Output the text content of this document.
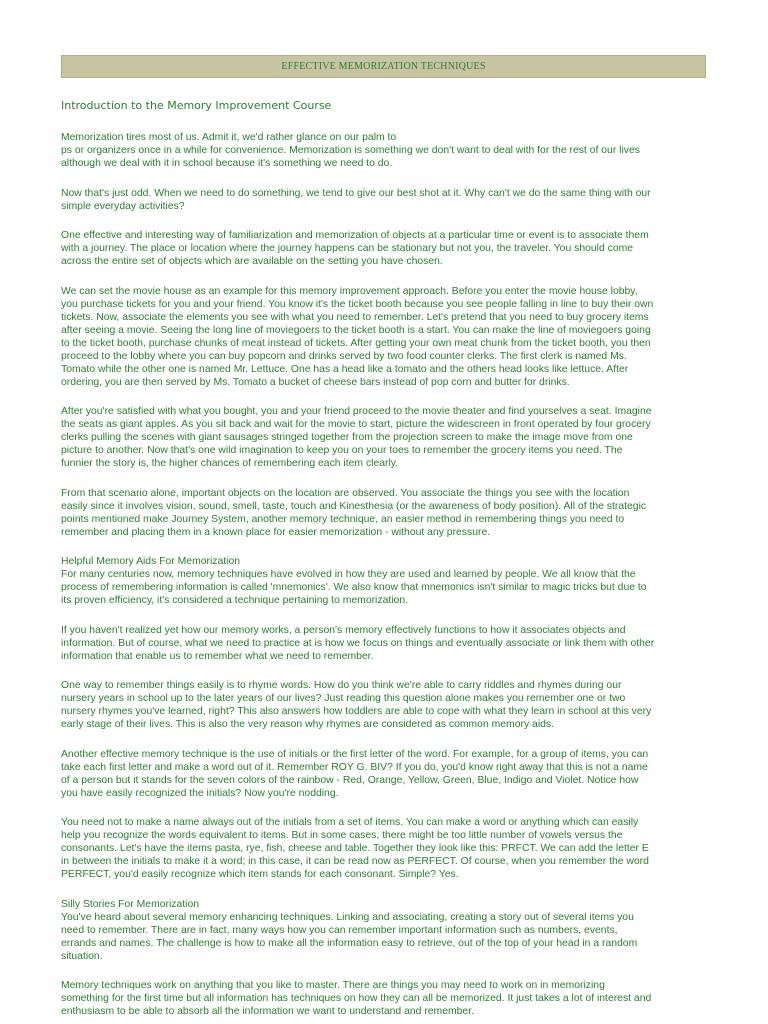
EFFECTIVE MEMORIZATION TECHNIQUES
Introduction to the Memory Improvement Course

Memorization tires most of us. Admit it, we'd rather glance on our palm to
ps or organizers once in a while for convenience. Memorization is something we don't want to deal with for the rest of our lives
although we deal with it in school because it's something we need to do.

Now that's just odd. When we need to do something, we tend to give our best shot at it. Why can't we do the same thing with our
simple everyday activities?

One effective and interesting way of familiarization and memorization of objects at a particular time or event is to associate them
with a journey. The place or location where the journey happens can be stationary but not you, the traveler. You should come
across the entire set of objects which are available on the setting you have chosen.

We can set the movie house as an example for this memory improvement approach. Before you enter the movie house lobby,
you purchase tickets for you and your friend. You know it's the ticket booth because you see people falling in line to buy their own
tickets. Now, associate the elements you see with what you need to remember. Let's pretend that you need to buy grocery items
after seeing a movie. Seeing the long line of moviegoers to the ticket booth is a start. You can make the line of moviegoers going
to the ticket booth, purchase chunks of meat instead of tickets. After getting your own meat chunk from the ticket booth, you then
proceed to the lobby where you can buy popcorn and drinks served by two food counter clerks. The first clerk is named Ms.
Tomato while the other one is named Mr. Lettuce. One has a head like a tomato and the others head looks like lettuce. After
ordering, you are then served by Ms. Tomato a bucket of cheese bars instead of pop corn and butter for drinks.

After you're satisfied with what you bought, you and your friend proceed to the movie theater and find yourselves a seat. Imagine
the seats as giant apples. As you sit back and wait for the movie to start, picture the widescreen in front operated by four grocery
clerks pulling the scenes with giant sausages stringed together from the projection screen to make the image move from one
picture to another. Now that's one wild imagination to keep you on your toes to remember the grocery items you need. The
funnier the story is, the higher chances of remembering each item clearly.

From that scenario alone, important objects on the location are observed. You associate the things you see with the location
easily since it involves vision, sound, smell, taste, touch and Kinesthesia (or the awareness of body position). All of the strategic
points mentioned make Journey System, another memory technique, an easier method in remembering things you need to
remember and placing them in a known place for easier memorization - without any pressure.

Helpful Memory Aids For Memorization

For many centuries now, memory techniques have evolved in how they are used and learned by people. We all know that the
process of remembering information is called 'mnemonics'. We also know that mnemonics isn't similar to magic tricks but due to
its proven efficiency, it's considered a technique pertaining to memorization.

If you haven't realized yet how our memory works, a person's memory effectively functions to how it associates objects and
information. But of course, what we need to practice at is how we focus on things and eventually associate or link them with other
information that enable us to remember what we need to remember.

One way to remember things easily is to rhyme words. How do you think we're able to carry riddles and rhymes during our
nursery years in school up to the later years of our lives? Just reading this question alone makes you remember one or two
nursery rhymes you've learned, right? This also answers how toddlers are able to cope with what they learn in school at this very
early stage of their lives. This is also the very reason why rhymes are considered as common memory aids.

Another effective memory technique is the use of initials or the first letter of the word. For example, for a group of items, you can
take each first letter and make a word out of it. Remember ROY G. BIV? If you do, you'd know right away that this is not a name
of a person but it stands for the seven colors of the rainbow - Red, Orange, Yellow, Green, Blue, Indigo and Violet. Notice how
you have easily recognized the initials? Now you're nodding.

You need not to make a name always out of the initials from a set of items. You can make a word or anything which can easily
help you recognize the words equivalent to items. But in some cases, there might be too little number of vowels versus the
consonants. Let's have the items pasta, rye, fish, cheese and table. Together they look like this: PRFCT. We can add the letter E
in between the initials to make it a word; in this case, it can be read now as PERFECT. Of course, when you remember the word
PERFECT, you'd easily recognize which item stands for each consonant. Simple? Yes.

Silly Stories For Memorization

You've heard about several memory enhancing techniques. Linking and associating, creating a story out of several items you
need to remember. There are in fact, many ways how you can remember important information such as numbers, events,
errands and names. The challenge is how to make all the information easy to retrieve, out of the top of your head in a random
situation.

Memory techniques work on anything that you like to master. There are things you may need to work on in memorizing
something for the first time but all information has techniques on how they can all be memorized. It just takes a lot of interest and
enthusiasm to be able to absorb all the information we want to understand and remember.
